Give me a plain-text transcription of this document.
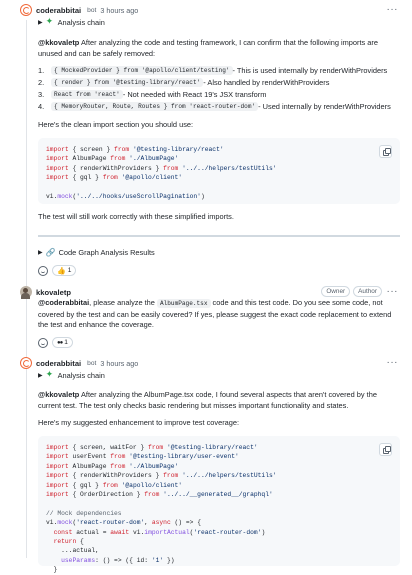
coderabbitai bot 3 hours ago	···
▶ ✦ Analysis chain

@kkovaletp After analyzing the code and testing framework, I can confirm that the following imports are unused and can be safely removed:

1.	{ MockedProvider } from '@apollo/client/testing' - This is used internally by renderWithProviders
2.	{ render } from '@testing-library/react' - Also handled by renderWithProviders
3.	React from 'react' - Not needed with React 19's JSX transform
4.	{ MemoryRouter, Route, Routes } from 'react-router-dom' - Used internally by renderWithProviders

Here's the clean import section you should use:

import { screen } from '@testing-library/react'
import AlbumPage from './AlbumPage'
import { renderWithProviders } from '../../helpers/testUtils'
import { gql } from '@apollo/client'

vi.mock('../../hooks/useScrollPagination')

The test will still work correctly with these simplified imports.

▶ 🔗 Code Graph Analysis Results
👍 1
kkovaletp	Owner	Author ···

@coderabbitai, please analyze the AlbumPage.tsx code and this test code. Do you see some code, not covered by the test and can be easily covered? If yes, please suggest the exact code replacement to extend the test and enhance the coverage.

●● 1
coderabbitai bot 3 hours ago	···
▶ ✦ Analysis chain

@kkovaletp After analyzing the AlbumPage.tsx code, I found several aspects that aren't covered by the current test. The test only checks basic rendering but misses important functionality and states.

Here's my suggested enhancement to improve test coverage:

import { screen, waitFor } from '@testing-library/react'
import userEvent from '@testing-library/user-event'
import AlbumPage from './AlbumPage'
import { renderWithProviders } from '../../helpers/testUtils'
import { gql } from '@apollo/client'
import { OrderDirection } from '../../__generated__/graphql'

// Mock dependencies
vi.mock('react-router-dom', async () => {
const actual = await vi.importActual('react-router-dom')
return {
...actual,
useParams: () => ({ id: '1' })
}
